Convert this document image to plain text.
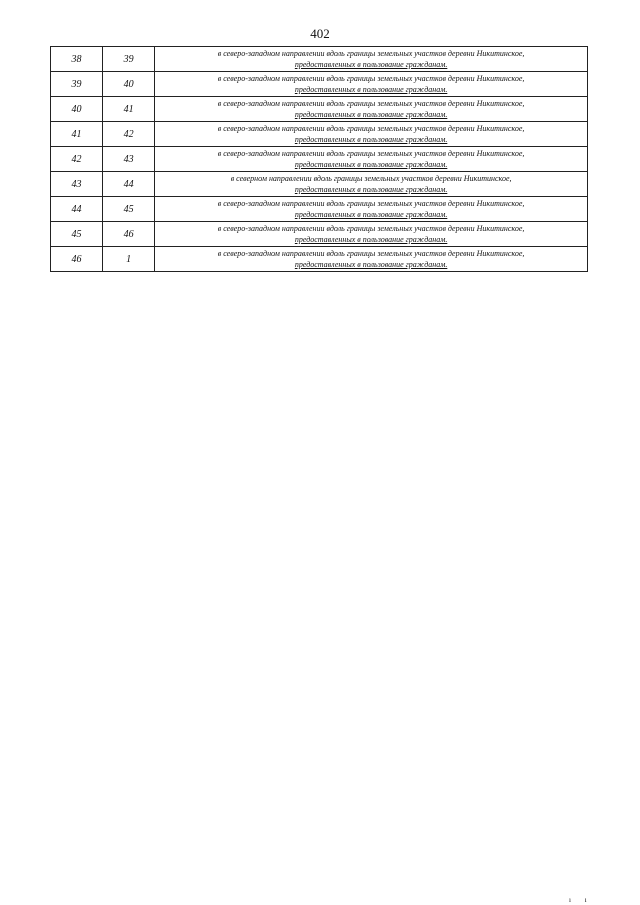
402
38	39	в северо-западном направлении вдоль границы земельных участков деревни Никитинское,
предоставленных в пользование гражданам.

39	40	в северо-западном направлении вдоль границы земельных участков деревни Никитинское,
предоставленных в пользование гражданам.

40	41	в северо-западном направлении вдоль границы земельных участков деревни Никитинское,
предоставленных в пользование гражданам.

41	42	в северо-западном направлении вдоль границы земельных участков деревни Никитинское,
предоставленных в пользование гражданам.

42	43	в северо-западном направлении вдоль границы земельных участков деревни Никитинское,
предоставленных в пользование гражданам.

43	44	в северном направлении вдоль границы земельных участков деревни Никитинское,
предоставленных в пользование гражданам.

44	45	в северо-западном направлении вдоль границы земельных участков деревни Никитинское,
предоставленных в пользование гражданам.

45	46	в северо-западном направлении вдоль границы земельных участков деревни Никитинское,
предоставленных в пользование гражданам.

46	1	в северо-западном направлении вдоль границы земельных участков деревни Никитинское,
предоставленных в пользование гражданам.
ı ı
